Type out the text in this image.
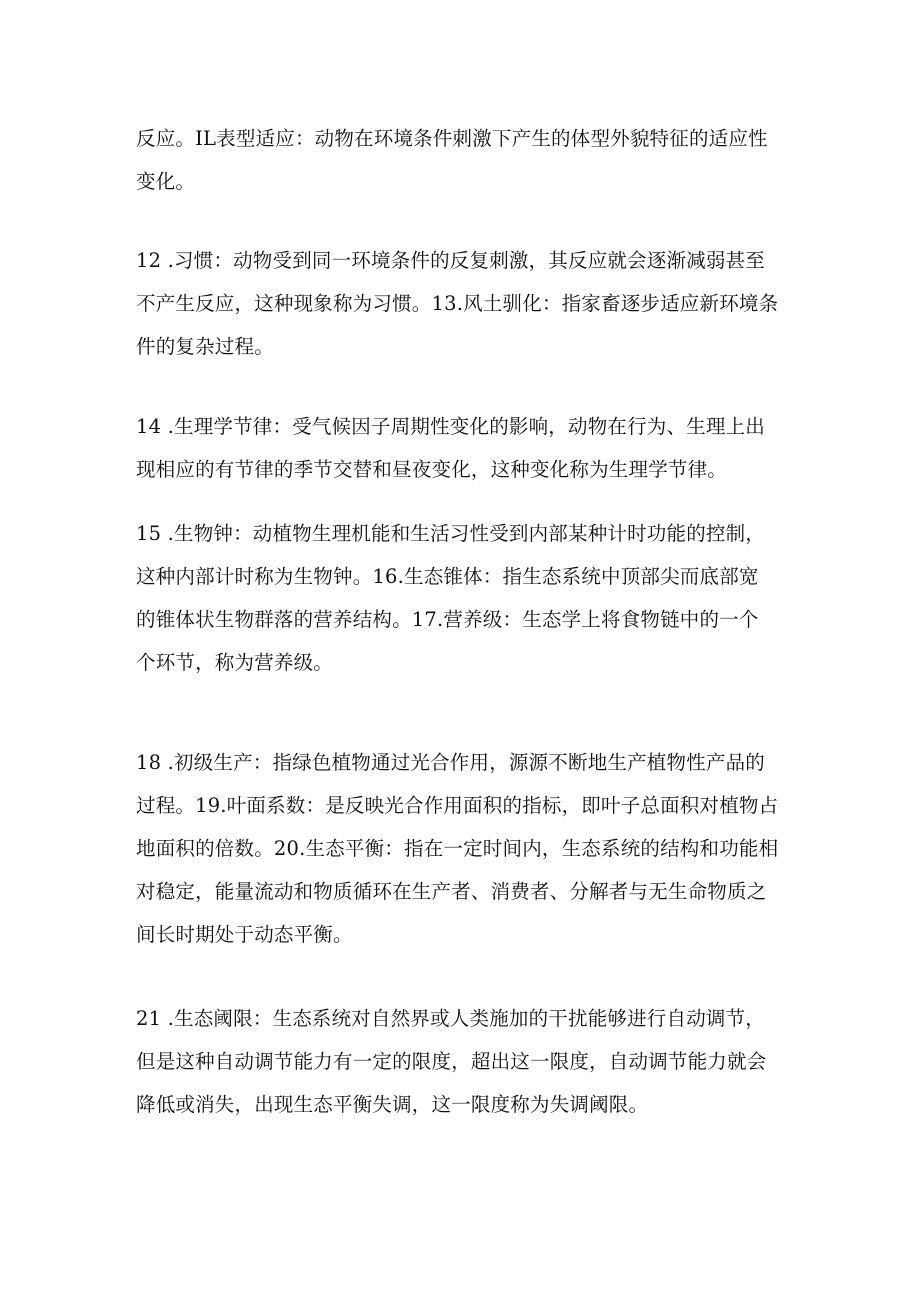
反应。IL表型适应：动物在环境条件刺激下产生的体型外貌特征的适应性
变化。

12 .习惯：动物受到同一环境条件的反复刺激，其反应就会逐渐减弱甚至
不产生反应，这种现象称为习惯。13.风土驯化：指家畜逐步适应新环境条
件的复杂过程。

14 .生理学节律：受气候因子周期性变化的影响，动物在行为、生理上出
现相应的有节律的季节交替和昼夜变化，这种变化称为生理学节律。

15 .生物钟：动植物生理机能和生活习性受到内部某种计时功能的控制，
这种内部计时称为生物钟。16.生态锥体：指生态系统中顶部尖而底部宽
的锥体状生物群落的营养结构。17.营养级：生态学上将食物链中的一个
个环节，称为营养级。

18 .初级生产：指绿色植物通过光合作用，源源不断地生产植物性产品的
过程。19.叶面系数：是反映光合作用面积的指标，即叶子总面积对植物占
地面积的倍数。20.生态平衡：指在一定时间内，生态系统的结构和功能相
对稳定，能量流动和物质循环在生产者、消费者、分解者与无生命物质之
间长时期处于动态平衡。

21 .生态阈限：生态系统对自然界或人类施加的干扰能够进行自动调节，
但是这种自动调节能力有一定的限度，超出这一限度，自动调节能力就会
降低或消失，出现生态平衡失调，这一限度称为失调阈限。
